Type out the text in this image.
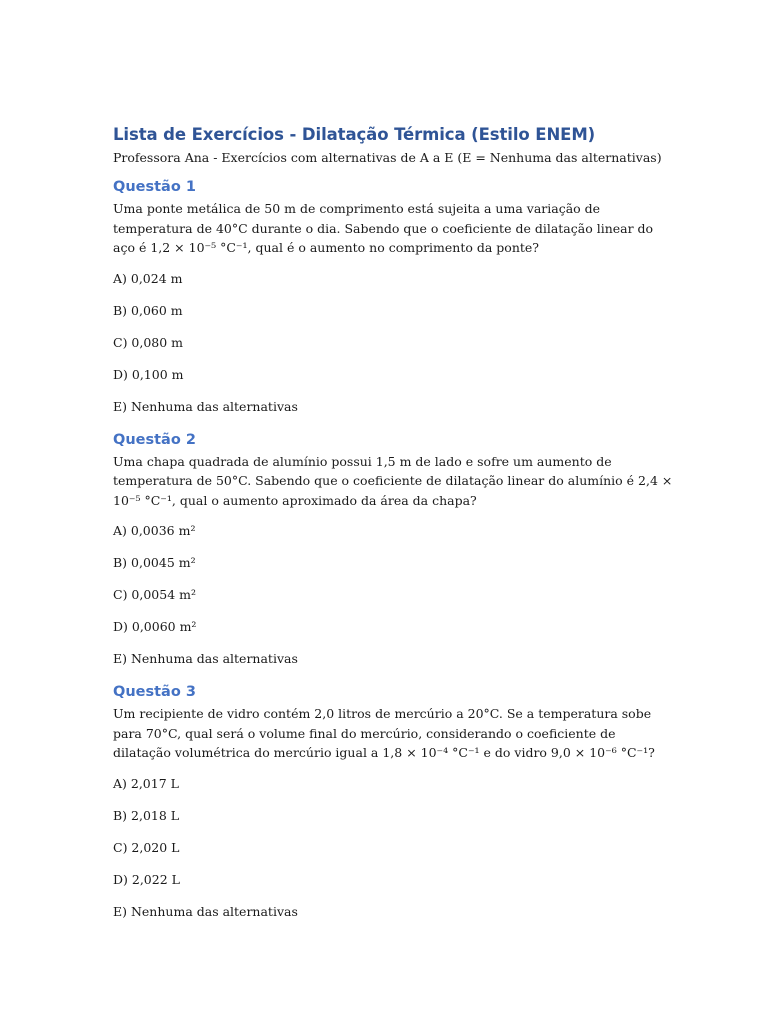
Lista de Exercícios - Dilatação Térmica (Estilo ENEM)

Professora Ana - Exercícios com alternativas de A a E (E = Nenhuma das alternativas)

Questão 1

Uma ponte metálica de 50 m de comprimento está sujeita a uma variação de temperatura de 40°C durante o dia. Sabendo que o coeficiente de dilatação linear do aço é 1,2 × 10⁻⁵ °C⁻¹, qual é o aumento no comprimento da ponte?

A) 0,024 m

B) 0,060 m

C) 0,080 m

D) 0,100 m

E) Nenhuma das alternativas

Questão 2

Uma chapa quadrada de alumínio possui 1,5 m de lado e sofre um aumento de temperatura de 50°C. Sabendo que o coeficiente de dilatação linear do alumínio é 2,4 × 10⁻⁵ °C⁻¹, qual o aumento aproximado da área da chapa?

A) 0,0036 m²

B) 0,0045 m²

C) 0,0054 m²

D) 0,0060 m²

E) Nenhuma das alternativas

Questão 3

Um recipiente de vidro contém 2,0 litros de mercúrio a 20°C. Se a temperatura sobe para 70°C, qual será o volume final do mercúrio, considerando o coeficiente de dilatação volumétrica do mercúrio igual a 1,8 × 10⁻⁴ °C⁻¹ e do vidro 9,0 × 10⁻⁶ °C⁻¹?

A) 2,017 L

B) 2,018 L

C) 2,020 L

D) 2,022 L

E) Nenhuma das alternativas
